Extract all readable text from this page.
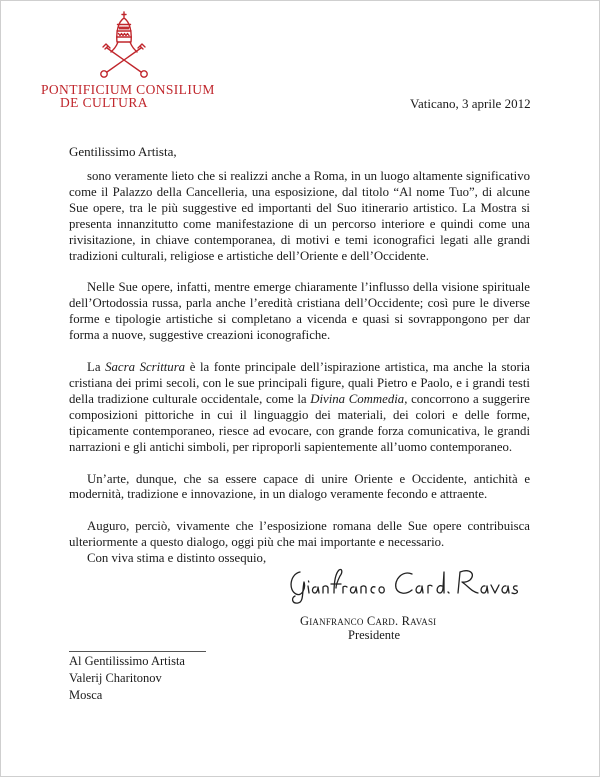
PONTIFICIUM CONSILIUM
DE CULTURA	Vaticano, 3 aprile 2012
Gentilissimo Artista,

sono veramente lieto che si realizzi anche a Roma, in un luogo altamente significativo come il Palazzo della Cancelleria, una esposizione, dal titolo “Al nome Tuo”, di alcune Sue opere, tra le più suggestive ed importanti del Suo itinerario artistico. La Mostra si presenta innanzitutto come manifestazione di un percorso interiore e quindi come una rivisitazione, in chiave contemporanea, di motivi e temi iconografici legati alle grandi tradizioni culturali, religiose e artistiche dell’Oriente e dell’Occidente.

Nelle Sue opere, infatti, mentre emerge chiaramente l’influsso della visione spirituale dell’Ortodossia russa, parla anche l’eredità cristiana dell’Occidente; così pure le diverse forme e tipologie artistiche si completano a vicenda e quasi si sovrappongono per dar forma a nuove, suggestive creazioni iconografiche.

La Sacra Scrittura è la fonte principale dell’ispirazione artistica, ma anche la storia cristiana dei primi secoli, con le sue principali figure, quali Pietro e Paolo, e i grandi testi della tradizione culturale occidentale, come la Divina Commedia, concorrono a suggerire composizioni pittoriche in cui il linguaggio dei materiali, dei colori e delle forme, tipicamente contemporaneo, riesce ad evocare, con grande forza comunicativa, le grandi narrazioni e gli antichi simboli, per riproporli sapientemente all’uomo contemporaneo.

Un’arte, dunque, che sa essere capace di unire Oriente e Occidente, antichità e modernità, tradizione e innovazione, in un dialogo veramente fecondo e attraente.

Auguro, perciò, vivamente che l’esposizione romana delle Sue opere contribuisca ulteriormente a questo dialogo, oggi più che mai importante e necessario.

Con viva stima e distinto ossequio,

Gianfranco Card. Ravasi
Presidente
Al Gentilissimo Artista
Valerij Charitonov
Mosca
